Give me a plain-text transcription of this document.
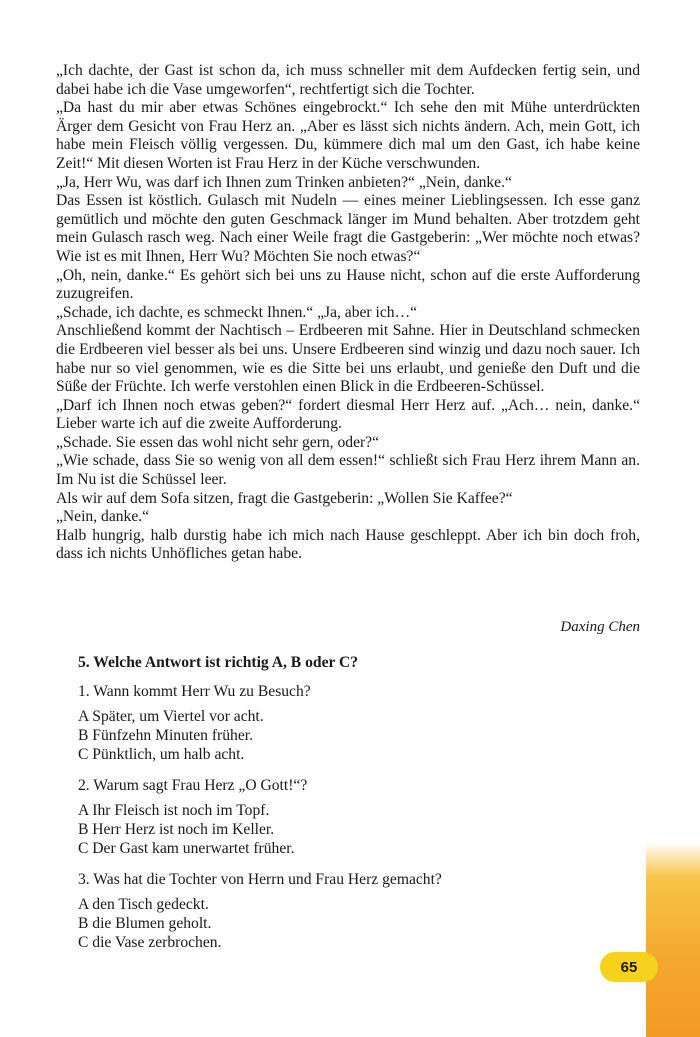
„Ich dachte, der Gast ist schon da, ich muss schneller mit dem Aufdecken fertig sein, und dabei habe ich die Vase umgeworfen“, rechtfertigt sich die Tochter.

„Da hast du mir aber etwas Schönes eingebrockt.“ Ich sehe den mit Mühe unterdrückten Ärger dem Gesicht von Frau Herz an. „Aber es lässt sich nichts ändern. Ach, mein Gott, ich habe mein Fleisch völlig vergessen. Du, kümmere dich mal um den Gast, ich habe keine Zeit!“ Mit diesen Worten ist Frau Herz in der Küche verschwunden.

„Ja, Herr Wu, was darf ich Ihnen zum Trinken anbieten?“ „Nein, danke.“

Das Essen ist köstlich. Gulasch mit Nudeln — eines meiner Lieblingsessen. Ich esse ganz gemütlich und möchte den guten Geschmack länger im Mund behalten. Aber trotzdem geht mein Gulasch rasch weg. Nach einer Weile fragt die Gastgeberin: „Wer möchte noch etwas? Wie ist es mit Ihnen, Herr Wu? Möchten Sie noch etwas?“

„Oh, nein, danke.“ Es gehört sich bei uns zu Hause nicht, schon auf die erste Aufforderung zuzugreifen.

„Schade, ich dachte, es schmeckt Ihnen.“ „Ja, aber ich…“

Anschließend kommt der Nachtisch – Erdbeeren mit Sahne. Hier in Deutschland schmecken die Erdbeeren viel besser als bei uns. Unsere Erdbeeren sind winzig und dazu noch sauer. Ich habe nur so viel genommen, wie es die Sitte bei uns erlaubt, und genieße den Duft und die Süße der Früchte. Ich werfe verstohlen einen Blick in die Erdbeeren-Schüssel.

„Darf ich Ihnen noch etwas geben?“ fordert diesmal Herr Herz auf. „Ach… nein, danke.“ Lieber warte ich auf die zweite Aufforderung.

„Schade. Sie essen das wohl nicht sehr gern, oder?“

„Wie schade, dass Sie so wenig von all dem essen!“ schließt sich Frau Herz ihrem Mann an. Im Nu ist die Schüssel leer.

Als wir auf dem Sofa sitzen, fragt die Gastgeberin: „Wollen Sie Kaffee?“

„Nein, danke.“

Halb hungrig, halb durstig habe ich mich nach Hause geschleppt. Aber ich bin doch froh, dass ich nichts Unhöfliches getan habe.

Daxing Chen

5. Welche Antwort ist richtig A, B oder C?

1. Wann kommt Herr Wu zu Besuch?

A Später, um Viertel vor acht.

B Fünfzehn Minuten früher.

C Pünktlich, um halb acht.

2. Warum sagt Frau Herz „O Gott!“?

A Ihr Fleisch ist noch im Topf.

B Herr Herz ist noch im Keller.

C Der Gast kam unerwartet früher.

3. Was hat die Tochter von Herrn und Frau Herz gemacht?

A den Tisch gedeckt.

B die Blumen geholt.

C die Vase zerbrochen.

65
